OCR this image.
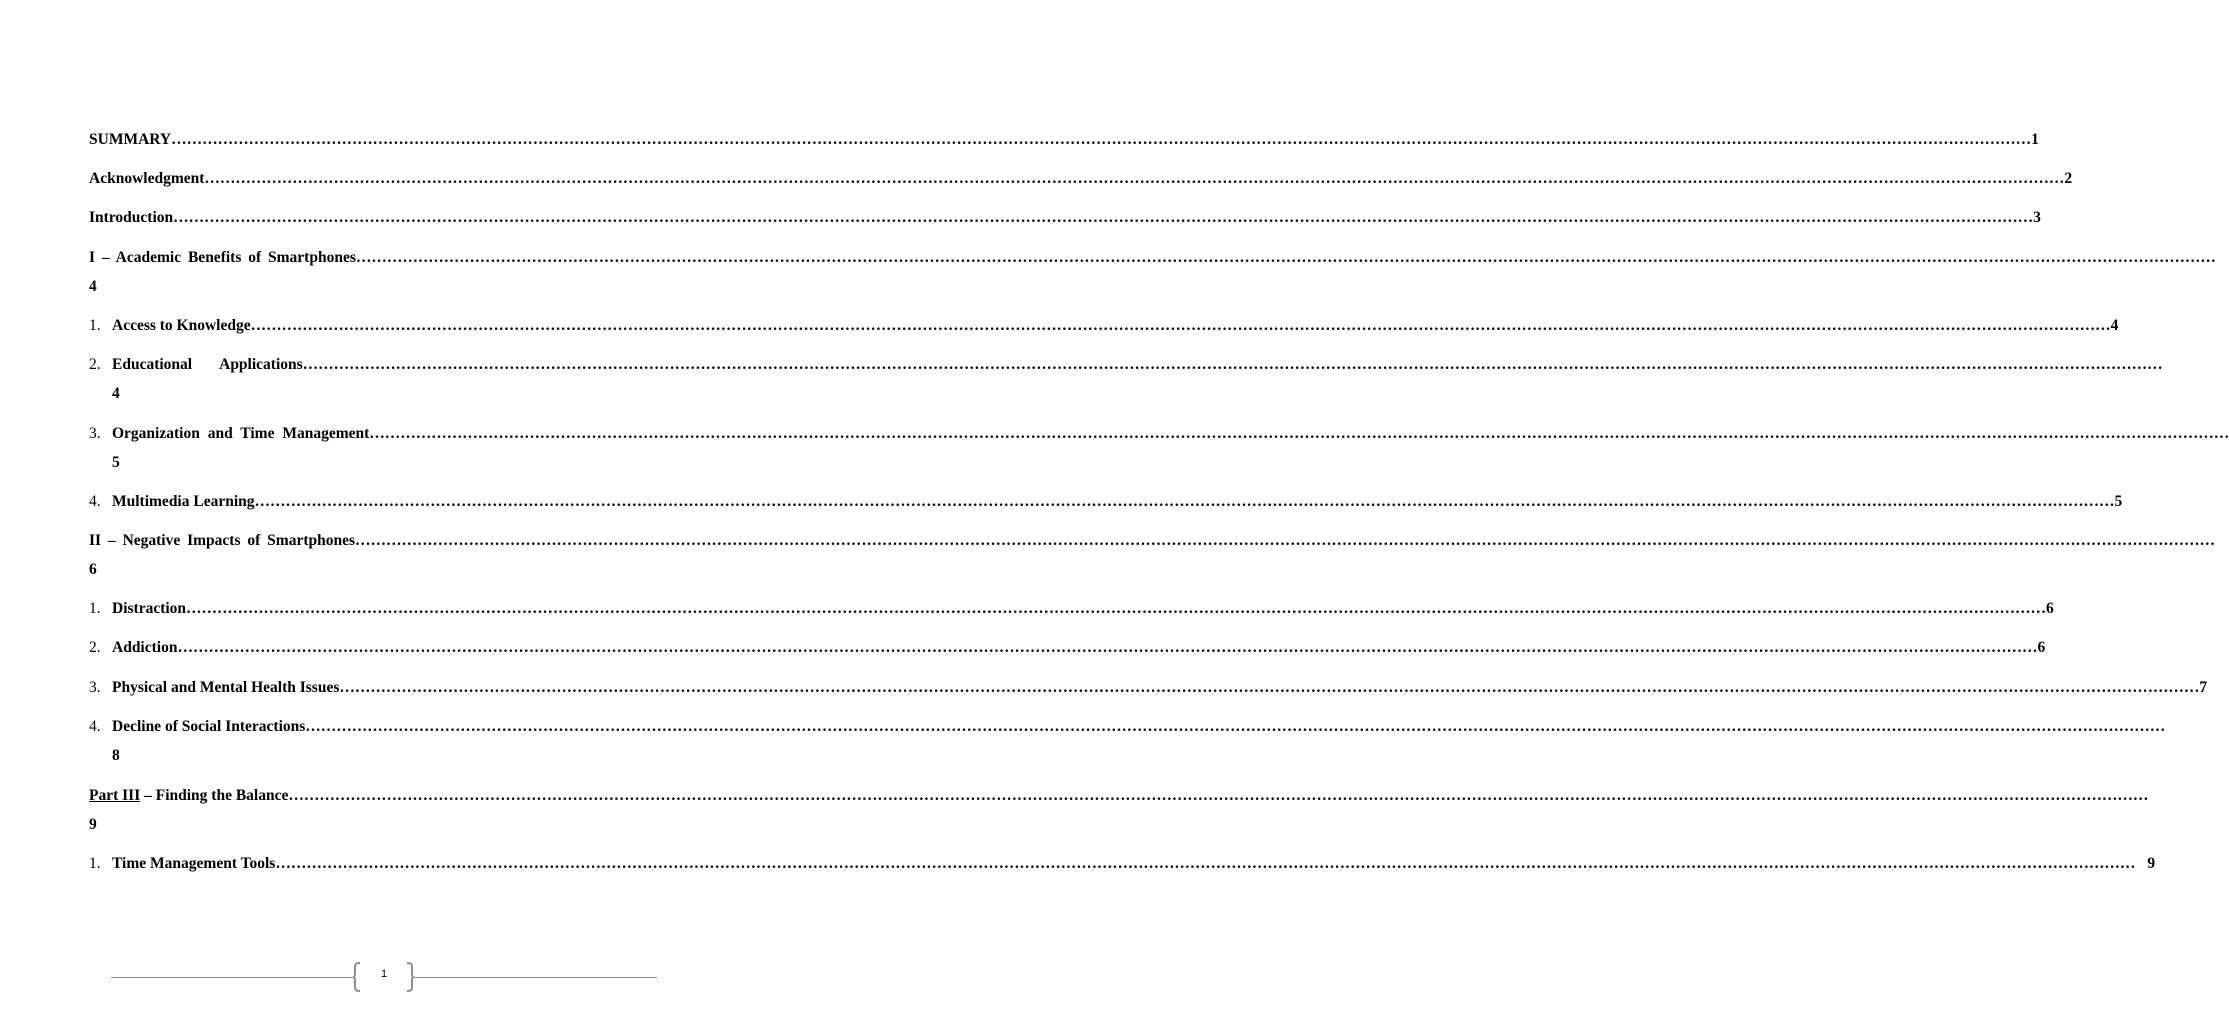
SUMMARY ……………………………………………………………………………………………………………………………………………………………………………………………………………………………………………………………………………………………………………………………… 1
Acknowledgment ……………………………………………………………………………………………………………………………………………………………………………………………………………………………………………………………………………………………………………………………… 2
Introduction ……………………………………………………………………………………………………………………………………………………………………………………………………………………………………………………………………………………………………………………………… 3
I – Academic Benefits of Smartphones ………………………………………………………………………………………………………………………………………………………………………………………………………………………………………………………………………………………………………………………………
4
1. Access to Knowledge ……………………………………………………………………………………………………………………………………………………………………………………………………………………………………………………………………………………………………………………………… 4
2. Educational Applications ………………………………………………………………………………………………………………………………………………………………………………………………………………………………………………………………………………………………………………………………
4
3. Organization and Time Management ………………………………………………………………………………………………………………………………………………………………………………………………………………………………………………………………………………………………………………………………
5
4. Multimedia Learning ……………………………………………………………………………………………………………………………………………………………………………………………………………………………………………………………………………………………………………………………… 5
II – Negative Impacts of Smartphones ………………………………………………………………………………………………………………………………………………………………………………………………………………………………………………………………………………………………………………………………
6
1. Distraction ……………………………………………………………………………………………………………………………………………………………………………………………………………………………………………………………………………………………………………………………… 6
2. Addiction ……………………………………………………………………………………………………………………………………………………………………………………………………………………………………………………………………………………………………………………………… 6
3. Physical and Mental Health Issues ……………………………………………………………………………………………………………………………………………………………………………………………………………………………………………………………………………………………………………………………… 7
4. Decline of Social Interactions ………………………………………………………………………………………………………………………………………………………………………………………………………………………………………………………………………………………………………………………………
8
Part III – Finding the Balance ………………………………………………………………………………………………………………………………………………………………………………………………………………………………………………………………………………………………………………………………
9
1. Time Management Tools ……………………………………………………………………………………………………………………………………………………………………………………………………………………………………………………………………………………………………………………………… 9
1
